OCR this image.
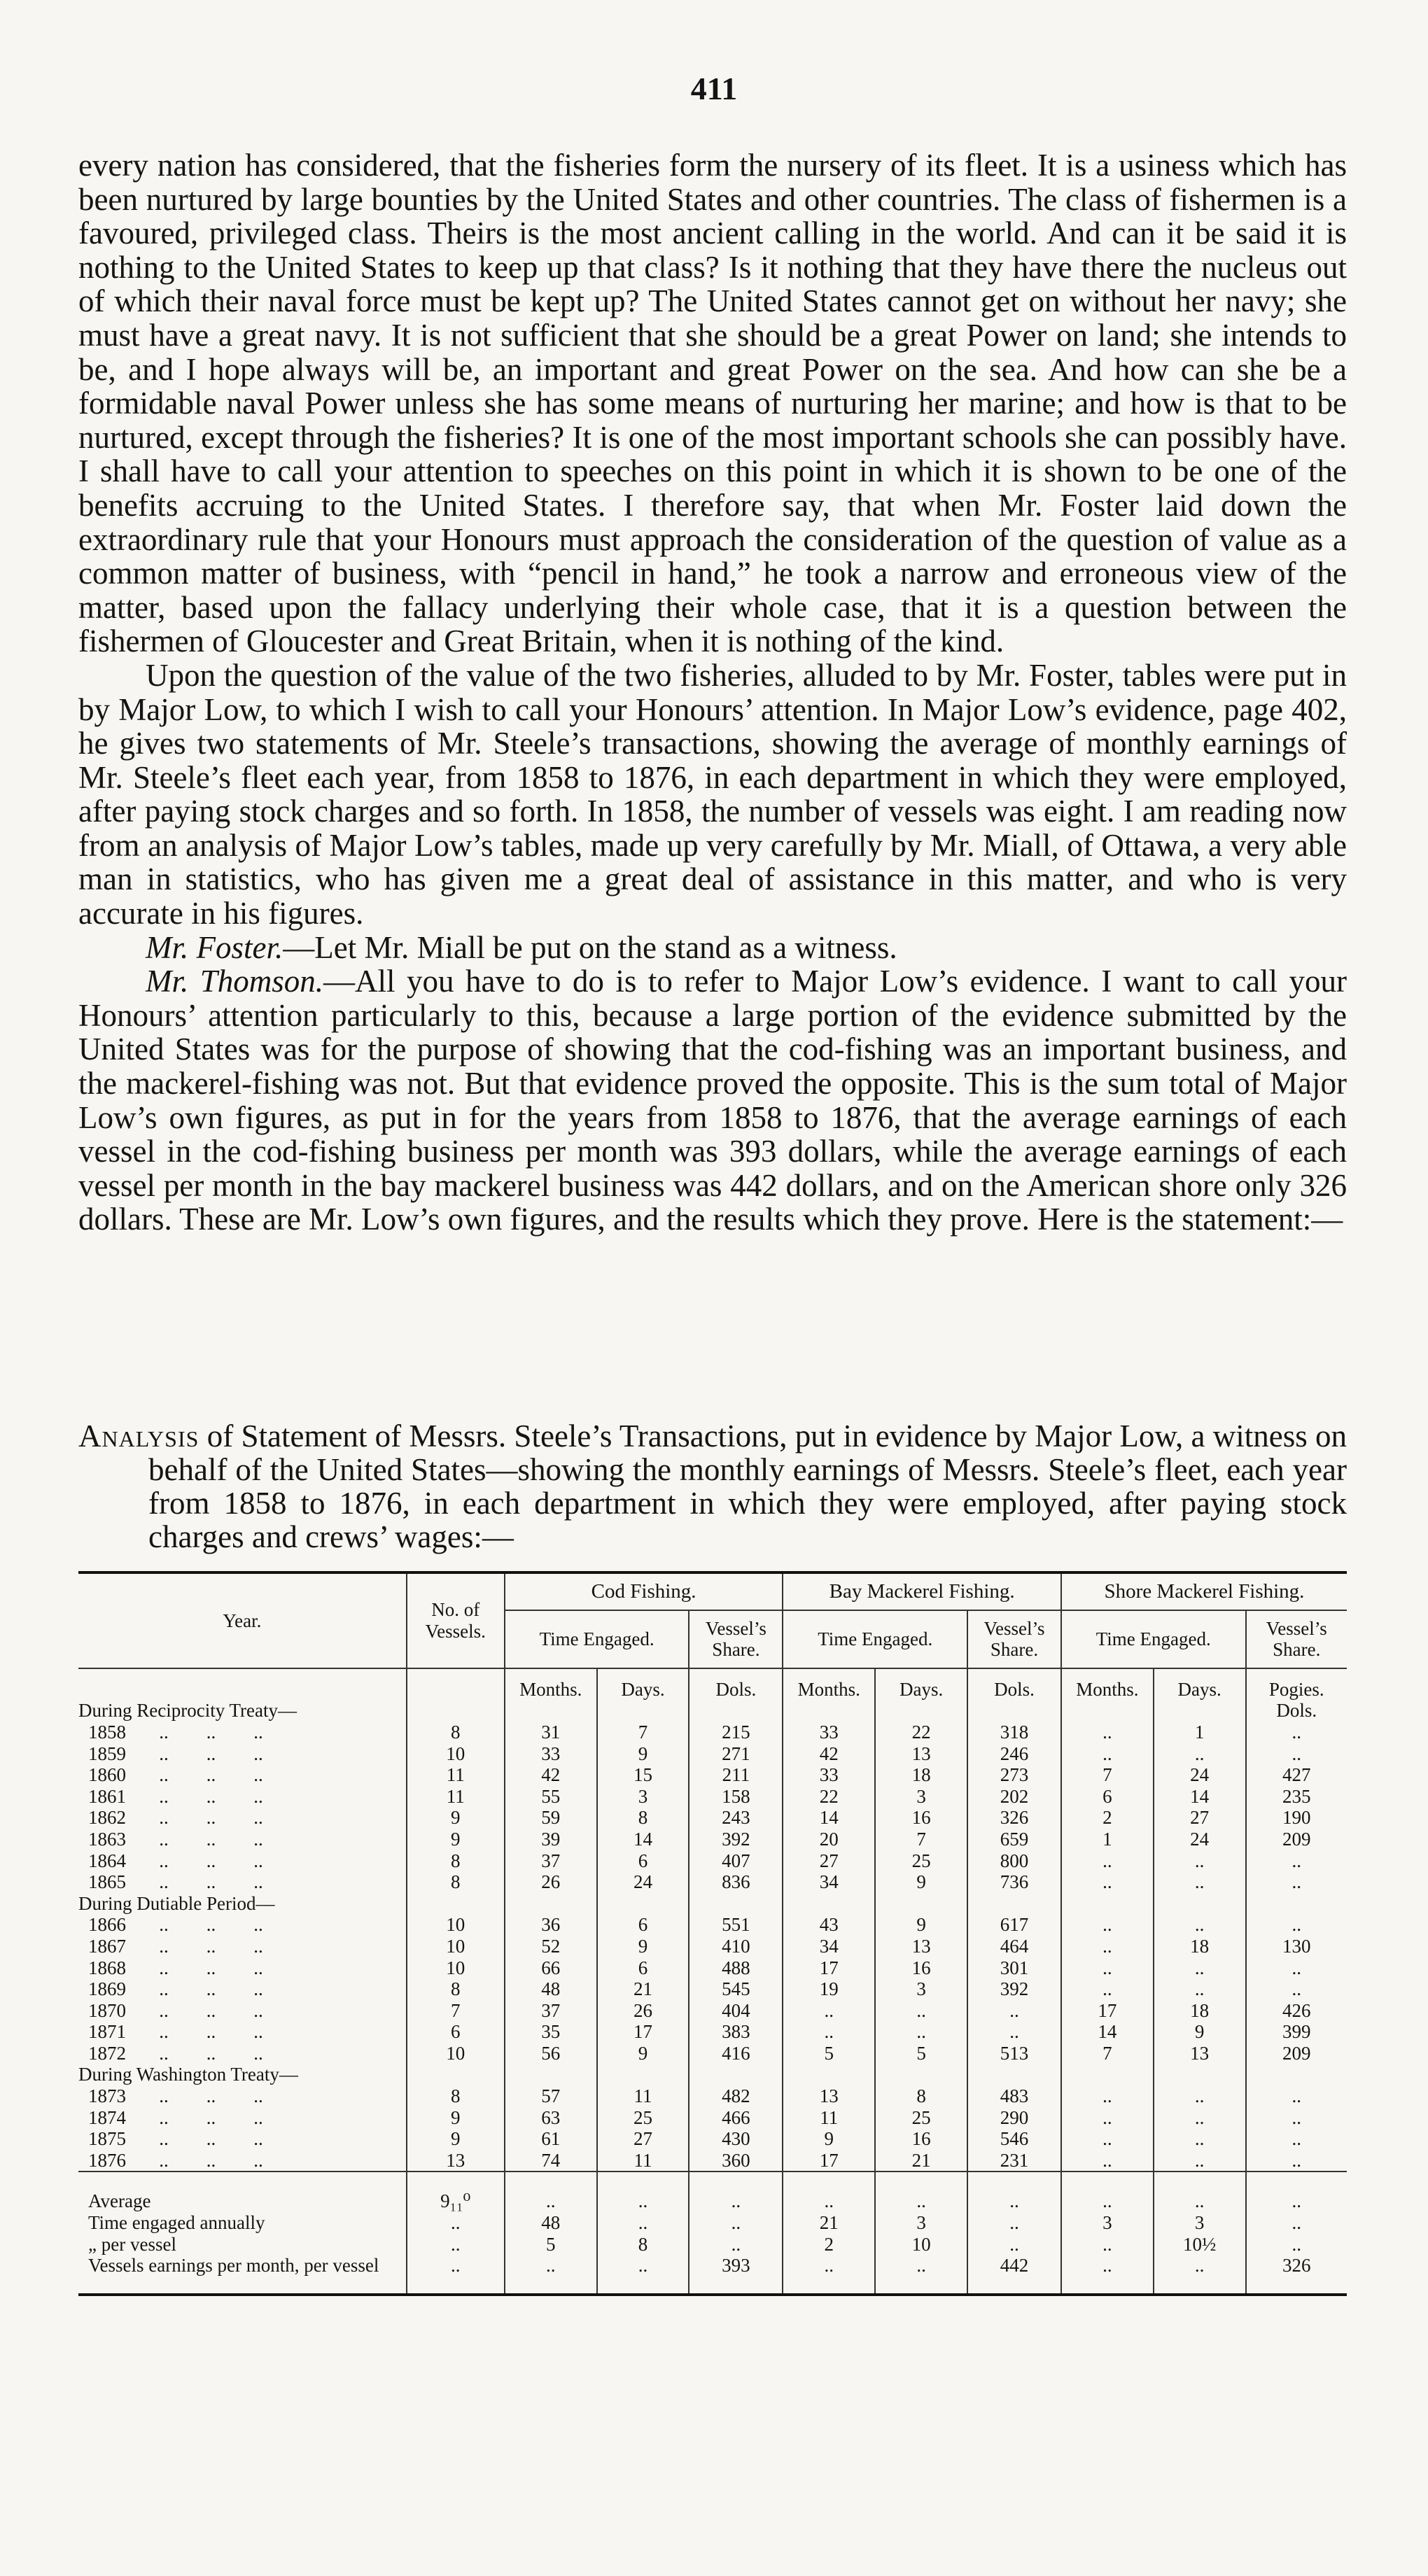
411

every nation has considered, that the fisheries form the nursery of its fleet. It is a usiness which has been nurtured by large bounties by the United States and other countries. The class of fishermen is a favoured, privileged class. Theirs is the most ancient calling in the world. And can it be said it is nothing to the United States to keep up that class? Is it nothing that they have there the nucleus out of which their naval force must be kept up? The United States cannot get on without her navy; she must have a great navy. It is not sufficient that she should be a great Power on land; she intends to be, and I hope always will be, an important and great Power on the sea. And how can she be a formidable naval Power unless she has some means of nurturing her marine; and how is that to be nurtured, except through the fisheries? It is one of the most important schools she can possibly have. I shall have to call your attention to speeches on this point in which it is shown to be one of the benefits accruing to the United States. I therefore say, that when Mr. Foster laid down the extraordinary rule that your Honours must approach the consideration of the question of value as a common matter of business, with “pencil in hand,” he took a narrow and erroneous view of the matter, based upon the fallacy underlying their whole case, that it is a question between the fishermen of Gloucester and Great Britain, when it is nothing of the kind.

Upon the question of the value of the two fisheries, alluded to by Mr. Foster, tables were put in by Major Low, to which I wish to call your Honours’ attention. In Major Low’s evidence, page 402, he gives two statements of Mr. Steele’s transactions, showing the average of monthly earnings of Mr. Steele’s fleet each year, from 1858 to 1876, in each department in which they were employed, after paying stock charges and so forth. In 1858, the number of vessels was eight. I am reading now from an analysis of Major Low’s tables, made up very carefully by Mr. Miall, of Ottawa, a very able man in statistics, who has given me a great deal of assistance in this matter, and who is very accurate in his figures.

Mr. Foster.—Let Mr. Miall be put on the stand as a witness.

Mr. Thomson.—All you have to do is to refer to Major Low’s evidence. I want to call your Honours’ attention particularly to this, because a large portion of the evidence submitted by the United States was for the purpose of showing that the cod-fishing was an important business, and the mackerel-fishing was not. But that evidence proved the opposite. This is the sum total of Major Low’s own figures, as put in for the years from 1858 to 1876, that the average earnings of each vessel in the cod-fishing business per month was 393 dollars, while the average earnings of each vessel per month in the bay mackerel business was 442 dollars, and on the American shore only 326 dollars. These are Mr. Low’s own figures, and the results which they prove. Here is the statement:—

Analysis of Statement of Messrs. Steele’s Transactions, put in evidence by Major Low, a witness on behalf of the United States—showing the monthly earnings of Messrs. Steele’s fleet, each year from 1858 to 1876, in each department in which they were employed, after paying stock charges and crews’ wages:—
Year.	No. of Vessels.	Cod Fishing.			Bay Mackerel Fishing.			Shore Mackerel Fishing.		
		Time Engaged.		Vessel’s Share.	Time Engaged.		Vessel’s Share.	Time Engaged.		Vessel’s Share.
		Months.	Days.	Dols.	Months.	Days.	Dols.	Months.	Days.	Pogies.
During Reciprocity Treaty—										Dols.
1858       ..        ..        ..	8	31	7	215	33	22	318	..	1	..
1859       ..        ..        ..	10	33	9	271	42	13	246	..	..	..
1860       ..        ..        ..	11	42	15	211	33	18	273	7	24	427
1861       ..        ..        ..	11	55	3	158	22	3	202	6	14	235
1862       ..        ..        ..	9	59	8	243	14	16	326	2	27	190
1863       ..        ..        ..	9	39	14	392	20	7	659	1	24	209
1864       ..        ..        ..	8	37	6	407	27	25	800	..	..	..
1865       ..        ..        ..	8	26	24	836	34	9	736	..	..	..
During Dutiable Period—										
1866       ..        ..        ..	10	36	6	551	43	9	617	..	..	..
1867       ..        ..        ..	10	52	9	410	34	13	464	..	18	130
1868       ..        ..        ..	10	66	6	488	17	16	301	..	..	..
1869       ..        ..        ..	8	48	21	545	19	3	392	..	..	..
1870       ..        ..        ..	7	37	26	404	..	..	..	17	18	426
1871       ..        ..        ..	6	35	17	383	..	..	..	14	9	399
1872       ..        ..        ..	10	56	9	416	5	5	513	7	13	209
During Washington Treaty—										
1873       ..        ..        ..	8	57	11	482	13	8	483	..	..	..
1874       ..        ..        ..	9	63	25	466	11	25	290	..	..	..
1875       ..        ..        ..	9	61	27	430	9	16	546	..	..	..
1876       ..        ..        ..	13	74	11	360	17	21	231	..	..	..
Average	9₁₁⁰	..	..	..	..	..	..	..	..	..
Time engaged annually	..	48	..	..	21	3	..	3	3	..
„ per vessel	..	5	8	..	2	10	..	..	10½	..
Vessels earnings per month, per vessel	..	..	..	393	..	..	442	..	..	326
